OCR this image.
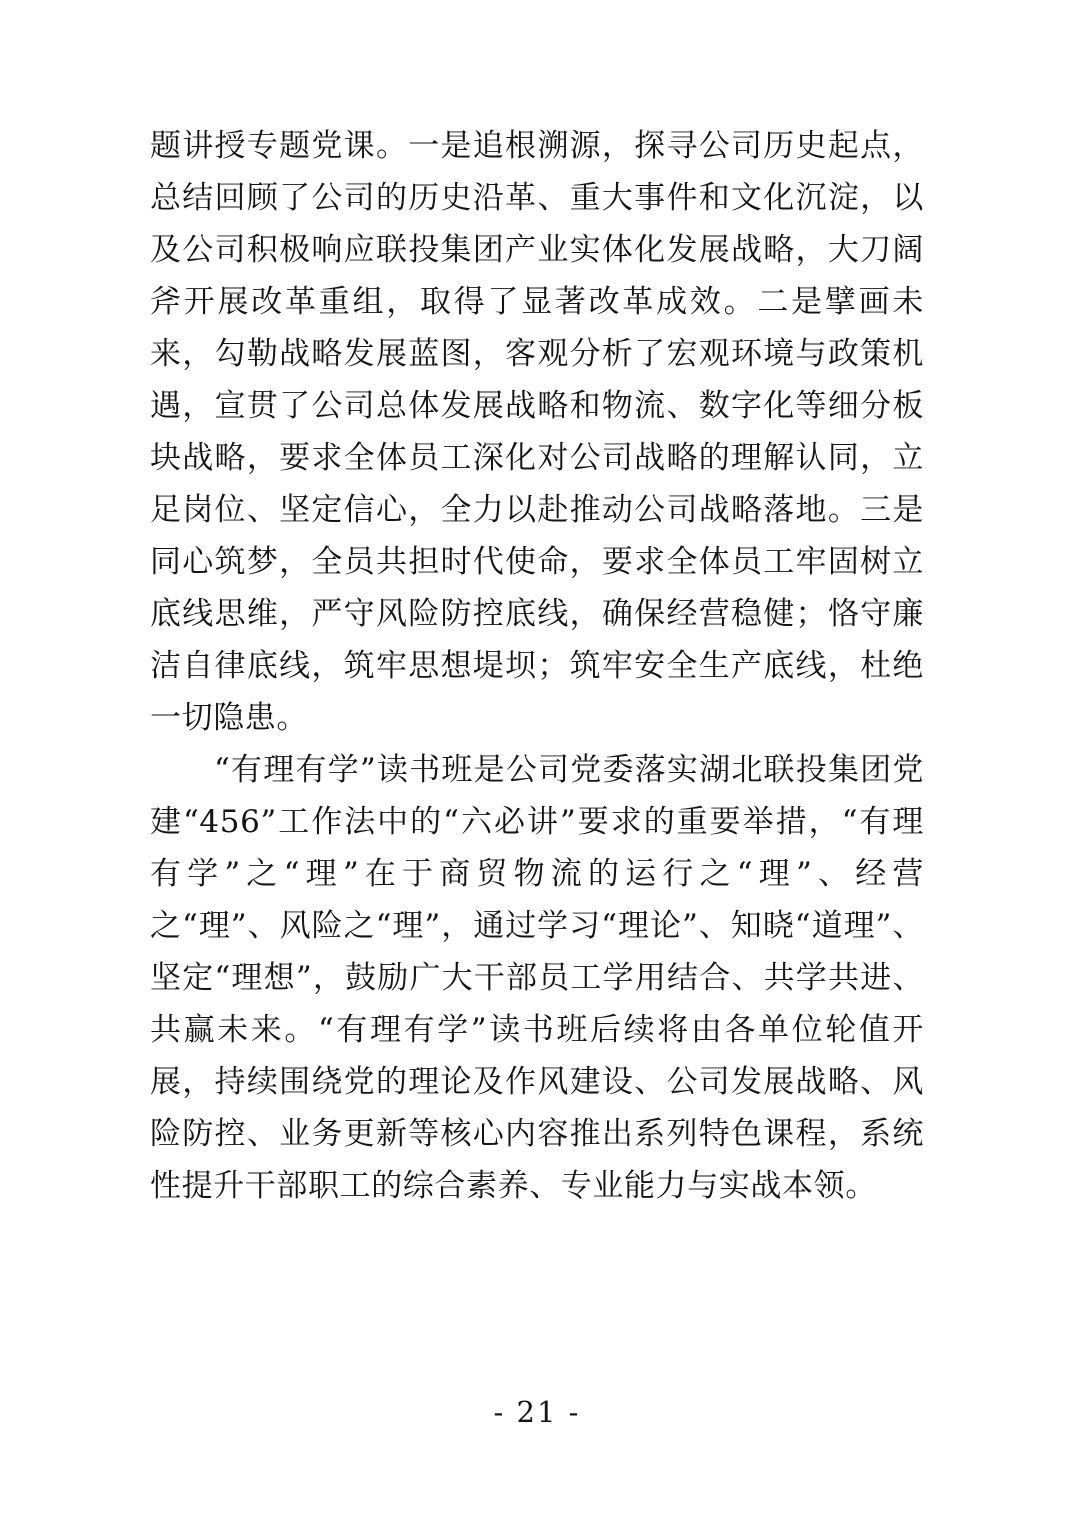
题讲授专题党课。一是追根溯源，探寻公司历史起点，总结回顾了公司的历史沿革、重大事件和文化沉淀，以及公司积极响应联投集团产业实体化发展战略，大刀阔斧开展改革重组，取得了显著改革成效。二是擘画未来，勾勒战略发展蓝图，客观分析了宏观环境与政策机遇，宣贯了公司总体发展战略和物流、数字化等细分板块战略，要求全体员工深化对公司战略的理解认同，立足岗位、坚定信心，全力以赴推动公司战略落地。三是同心筑梦，全员共担时代使命，要求全体员工牢固树立底线思维，严守风险防控底线，确保经营稳健；恪守廉洁自律底线，筑牢思想堤坝；筑牢安全生产底线，杜绝一切隐患。

“有理有学”读书班是公司党委落实湖北联投集团党建“456”工作法中的“六必讲”要求的重要举措，“有理有学”之“理”在于商贸物流的运行之“理”、经营之“理”、风险之“理”，通过学习“理论”、知晓“道理”、坚定“理想”，鼓励广大干部员工学用结合、共学共进、共赢未来。“有理有学”读书班后续将由各单位轮值开展，持续围绕党的理论及作风建设、公司发展战略、风险防控、业务更新等核心内容推出系列特色课程，系统性提升干部职工的综合素养、专业能力与实战本领。

- 21 -
